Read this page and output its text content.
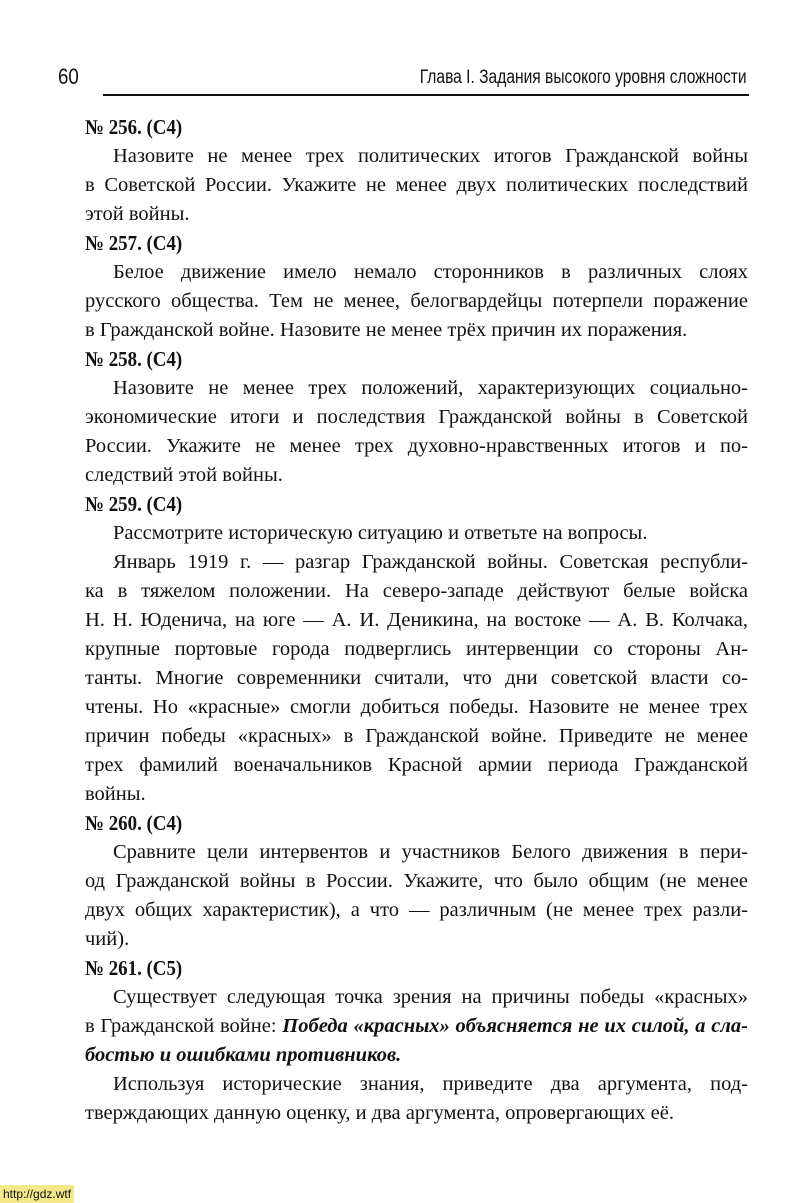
60	Глава I. Задания высокого уровня сложности
№ 256. (С4)
Назовите не менее трех политических итогов Гражданской войны
в Советской России. Укажите не менее двух политических последствий
этой войны.
№ 257. (С4)
Белое движение имело немало сторонников в различных слоях
русского общества. Тем не менее, белогвардейцы потерпели поражение
в Гражданской войне. Назовите не менее трёх причин их поражения.
№ 258. (С4)
Назовите не менее трех положений, характеризующих социально-
экономические итоги и последствия Гражданской войны в Советской
России. Укажите не менее трех духовно-нравственных итогов и по-
следствий этой войны.
№ 259. (С4)
Рассмотрите историческую ситуацию и ответьте на вопросы.
Январь 1919 г. — разгар Гражданской войны. Советская республи-
ка в тяжелом положении. На северо-западе действуют белые войска
Н. Н. Юденича, на юге — А. И. Деникина, на востоке — А. В. Колчака,
крупные портовые города подверглись интервенции со стороны Ан-
танты. Многие современники считали, что дни советской власти со-
чтены. Но «красные» смогли добиться победы. Назовите не менее трех
причин победы «красных» в Гражданской войне. Приведите не менее
трех фамилий военачальников Красной армии периода Гражданской
войны.
№ 260. (С4)
Сравните цели интервентов и участников Белого движения в пери-
од Гражданской войны в России. Укажите, что было общим (не менее
двух общих характеристик), а что — различным (не менее трех разли-
чий).
№ 261. (С5)
Существует следующая точка зрения на причины победы «красных»
в Гражданской войне: Победа «красных» объясняется не их силой, а сла-
бостью и ошибками противников.
Используя исторические знания, приведите два аргумента, под-
тверждающих данную оценку, и два аргумента, опровергающих её.
http://gdz.wtf
